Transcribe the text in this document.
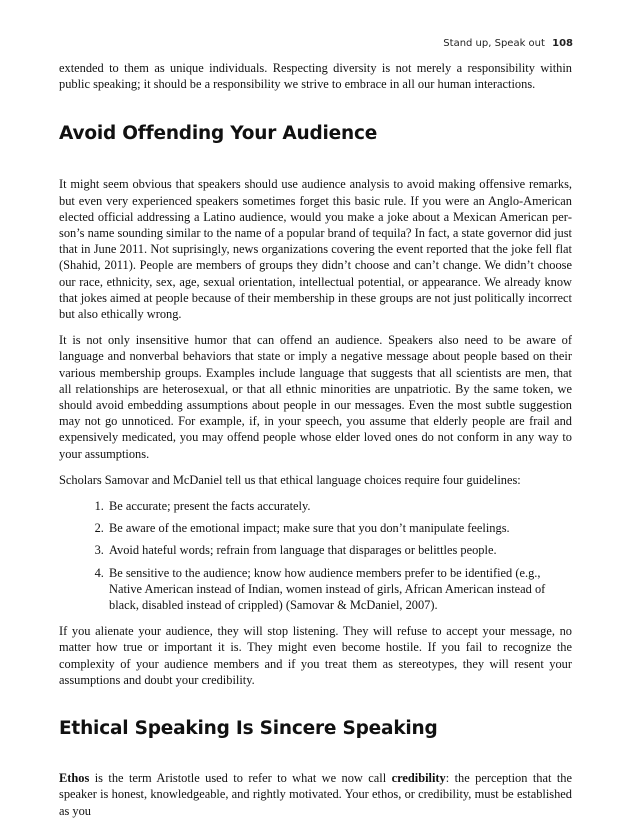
Stand up, Speak out 108

extended to them as unique individuals. Respecting diversity is not merely a responsibility within public speaking; it should be a responsibility we strive to embrace in all our human interactions.

Avoid Offending Your Audience

It might seem obvious that speakers should use audience analysis to avoid making offensive remarks, but even very experienced speakers sometimes forget this basic rule. If you were an Anglo-American elected official addressing a Latino audience, would you make a joke about a Mexican American person’s name sounding similar to the name of a popular brand of tequila? In fact, a state governor did just that in June 2011. Not suprisingly, news organizations covering the event reported that the joke fell flat (Shahid, 2011). People are members of groups they didn’t choose and can’t change. We didn’t choose our race, ethnicity, sex, age, sexual orientation, intellectual potential, or appearance. We already know that jokes aimed at people because of their membership in these groups are not just politically incorrect but also ethically wrong.

It is not only insensitive humor that can offend an audience. Speakers also need to be aware of language and nonverbal behaviors that state or imply a negative message about people based on their various membership groups. Examples include language that suggests that all scientists are men, that all relationships are heterosexual, or that all ethnic minorities are unpatriotic. By the same token, we should avoid embedding assumptions about people in our messages. Even the most subtle suggestion may not go unnoticed. For example, if, in your speech, you assume that elderly people are frail and expensively medicated, you may offend people whose elder loved ones do not conform in any way to your assumptions.

Scholars Samovar and McDaniel tell us that ethical language choices require four guidelines:

1. Be accurate; present the facts accurately.
2. Be aware of the emotional impact; make sure that you don’t manipulate feelings.
3. Avoid hateful words; refrain from language that disparages or belittles people.
4. Be sensitive to the audience; know how audience members prefer to be identified (e.g., Native American instead of Indian, women instead of girls, African American instead of black, disabled instead of crippled) (Samovar & McDaniel, 2007).

If you alienate your audience, they will stop listening. They will refuse to accept your message, no matter how true or important it is. They might even become hostile. If you fail to recognize the complexity of your audience members and if you treat them as stereotypes, they will resent your assumptions and doubt your credibility.

Ethical Speaking Is Sincere Speaking

Ethos is the term Aristotle used to refer to what we now call credibility: the perception that the speaker is honest, knowledgeable, and rightly motivated. Your ethos, or credibility, must be established as you
